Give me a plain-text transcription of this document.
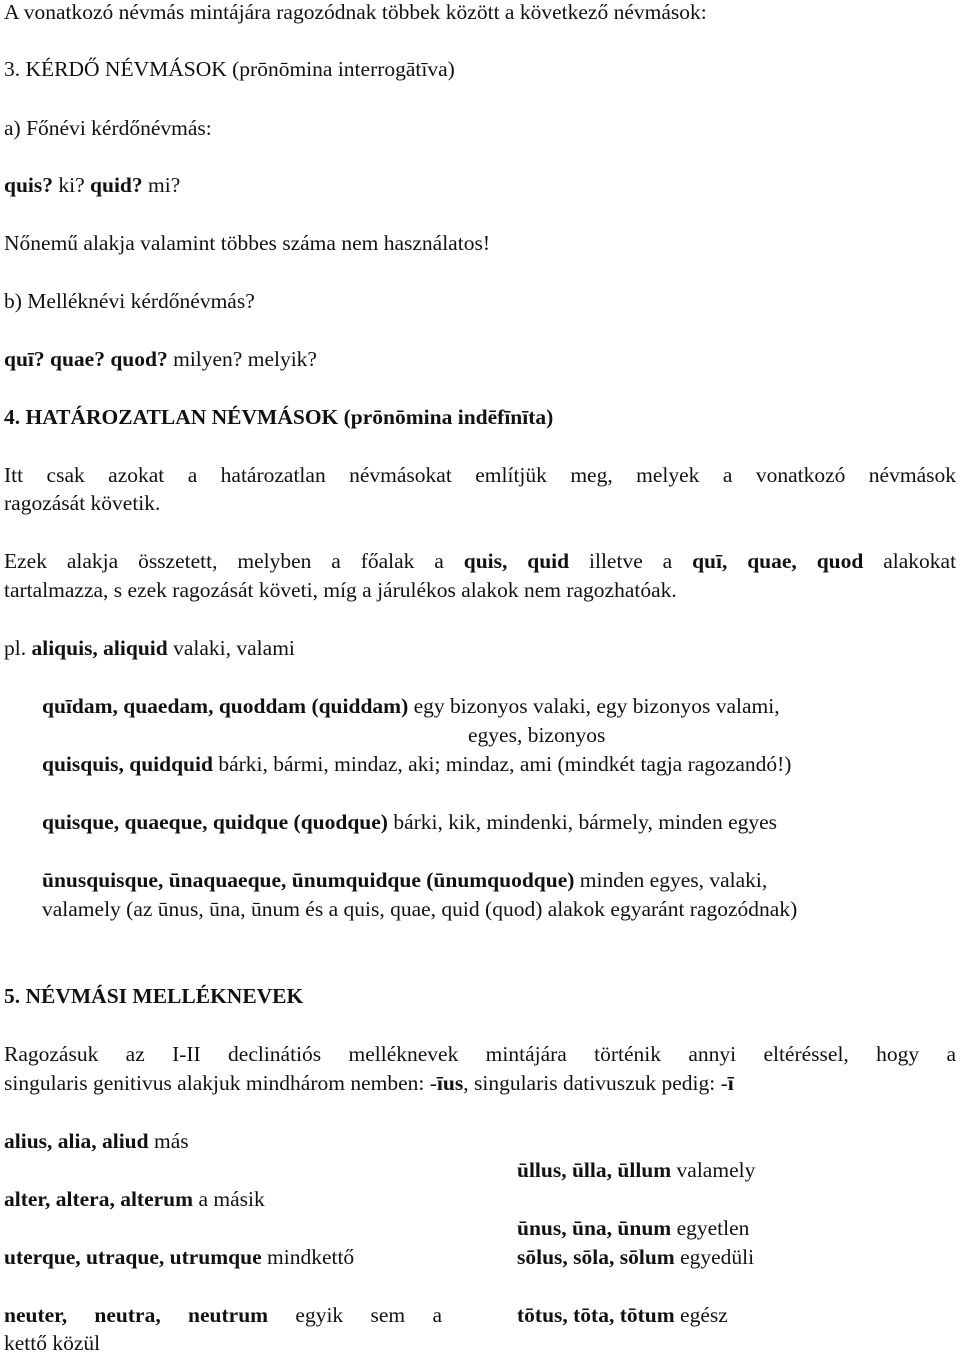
A vonatkozó névmás mintájára ragozódnak többek között a következő névmások:
3. KÉRDŐ NÉVMÁSOK (prōnōmina interrogātīva)
a) Főnévi kérdőnévmás:
quis? ki? quid? mi?
Nőnemű alakja valamint többes száma nem használatos!
b) Melléknévi kérdőnévmás?
quī? quae? quod? milyen? melyik?
4. HATÁROZATLAN NÉVMÁSOK (prōnōmina indēfīnīta)
Itt csak azokat a határozatlan névmásokat említjük meg, melyek a vonatkozó névmások
ragozását követik.
Ezek alakja összetett, melyben a főalak a quis, quid illetve a quī, quae, quod alakokat
tartalmazza, s ezek ragozását követi, míg a járulékos alakok nem ragozhatóak.
pl. aliquis, aliquid valaki, valami
quīdam, quaedam, quoddam (quiddam) egy bizonyos valaki, egy bizonyos valami,
egyes, bizonyos
quisquis, quidquid bárki, bármi, mindaz, aki; mindaz, ami (mindkét tagja ragozandó!)
quisque, quaeque, quidque (quodque) bárki, kik, mindenki, bármely, minden egyes
ūnusquisque, ūnaquaeque, ūnumquidque (ūnumquodque) minden egyes, valaki,
valamely (az ūnus, ūna, ūnum és a quis, quae, quid (quod) alakok egyaránt ragozódnak)
5. NÉVMÁSI MELLÉKNEVEK
Ragozásuk az I-II declinátiós melléknevek mintájára történik annyi eltéréssel, hogy a
singularis genitivus alakjuk mindhárom nemben: -īus, singularis dativuszuk pedig: -ī
alius, alia, aliud más
alter, altera, alterum a másik
uterque, utraque, utrumque mindkettő
neuter, neutra, neutrum egyik sem a
kettő közül
ūllus, ūlla, ūllum valamely
ūnus, ūna, ūnum egyetlen
sōlus, sōla, sōlum egyedüli
tōtus, tōta, tōtum egész
